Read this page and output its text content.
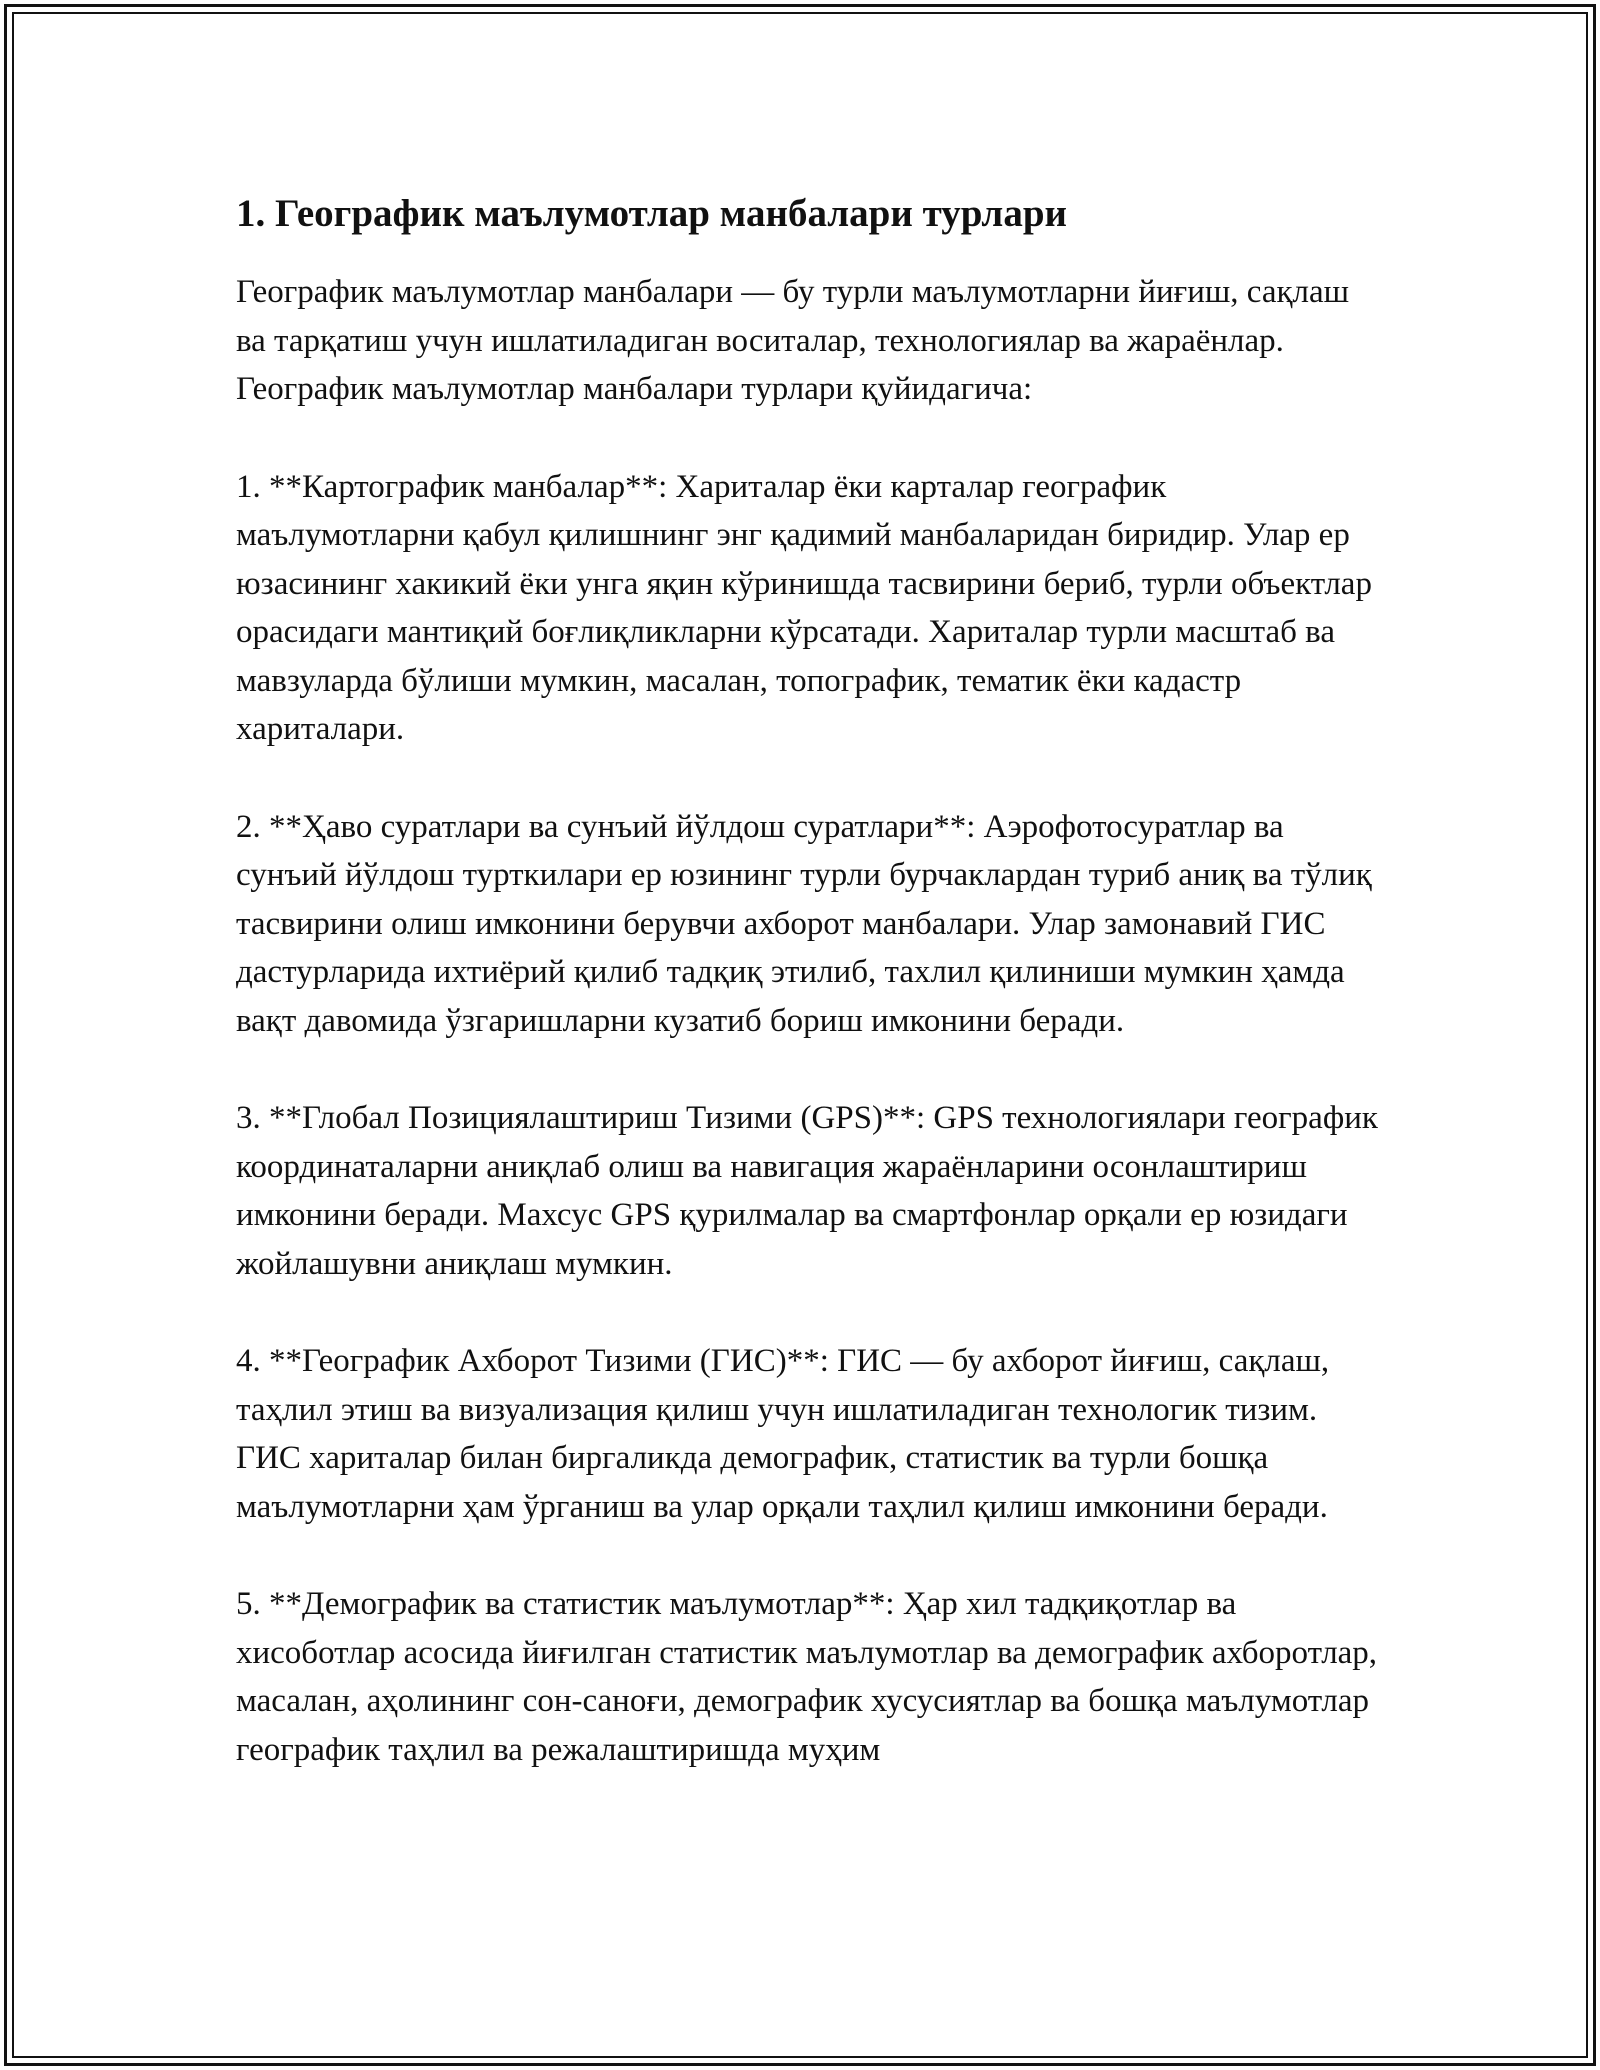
1. Географик маълумотлар манбалари турлари

Географик маълумотлар манбалари — бу турли маълумотларни йиғиш, сақлаш ва тарқатиш учун ишлатиладиган воситалар, технологиялар ва жараёнлар. Географик маълумотлар манбалари турлари қуйидагича:

1. **Картографик манбалар**: Хариталар ёки карталар географик маълумотларни қабул қилишнинг энг қадимий манбаларидан биридир. Улар ер юзасининг хакикий ёки унга яқин кўринишда тасвирини бериб, турли объектлар орасидаги мантиқий боғлиқликларни кўрсатади. Хариталар турли масштаб ва мавзуларда бўлиши мумкин, масалан, топографик, тематик ёки кадастр хариталари.

2. **Ҳаво суратлари ва сунъий йўлдош суратлари**: Аэрофотосуратлар ва сунъий йўлдош турткилари ер юзининг турли бурчаклардан туриб аниқ ва тўлиқ тасвирини олиш имконини берувчи ахборот манбалари. Улар замонавий ГИС дастурларида ихтиёрий қилиб тадқиқ этилиб, тахлил қилиниши мумкин ҳамда вақт давомида ўзгаришларни кузатиб бориш имконини беради.

3. **Глобал Позициялаштириш Тизими (GPS)**: GPS технологиялари географик координаталарни аниқлаб олиш ва навигация жараёнларини осонлаштириш имконини беради. Махсус GPS қурилмалар ва смартфонлар орқали ер юзидаги жойлашувни аниқлаш мумкин.

4. **Географик Ахборот Тизими (ГИС)**: ГИС — бу ахборот йиғиш, сақлаш, таҳлил этиш ва визуализация қилиш учун ишлатиладиган технологик тизим. ГИС хариталар билан биргаликда демографик, статистик ва турли бошқа маълумотларни ҳам ўрганиш ва улар орқали таҳлил қилиш имконини беради.

5. **Демографик ва статистик маълумотлар**: Ҳар хил тадқиқотлар ва хисоботлар асосида йиғилган статистик маълумотлар ва демографик ахборотлар, масалан, аҳолининг сон-саноғи, демографик хусусиятлар ва бошқа маълумотлар географик таҳлил ва режалаштиришда муҳим
